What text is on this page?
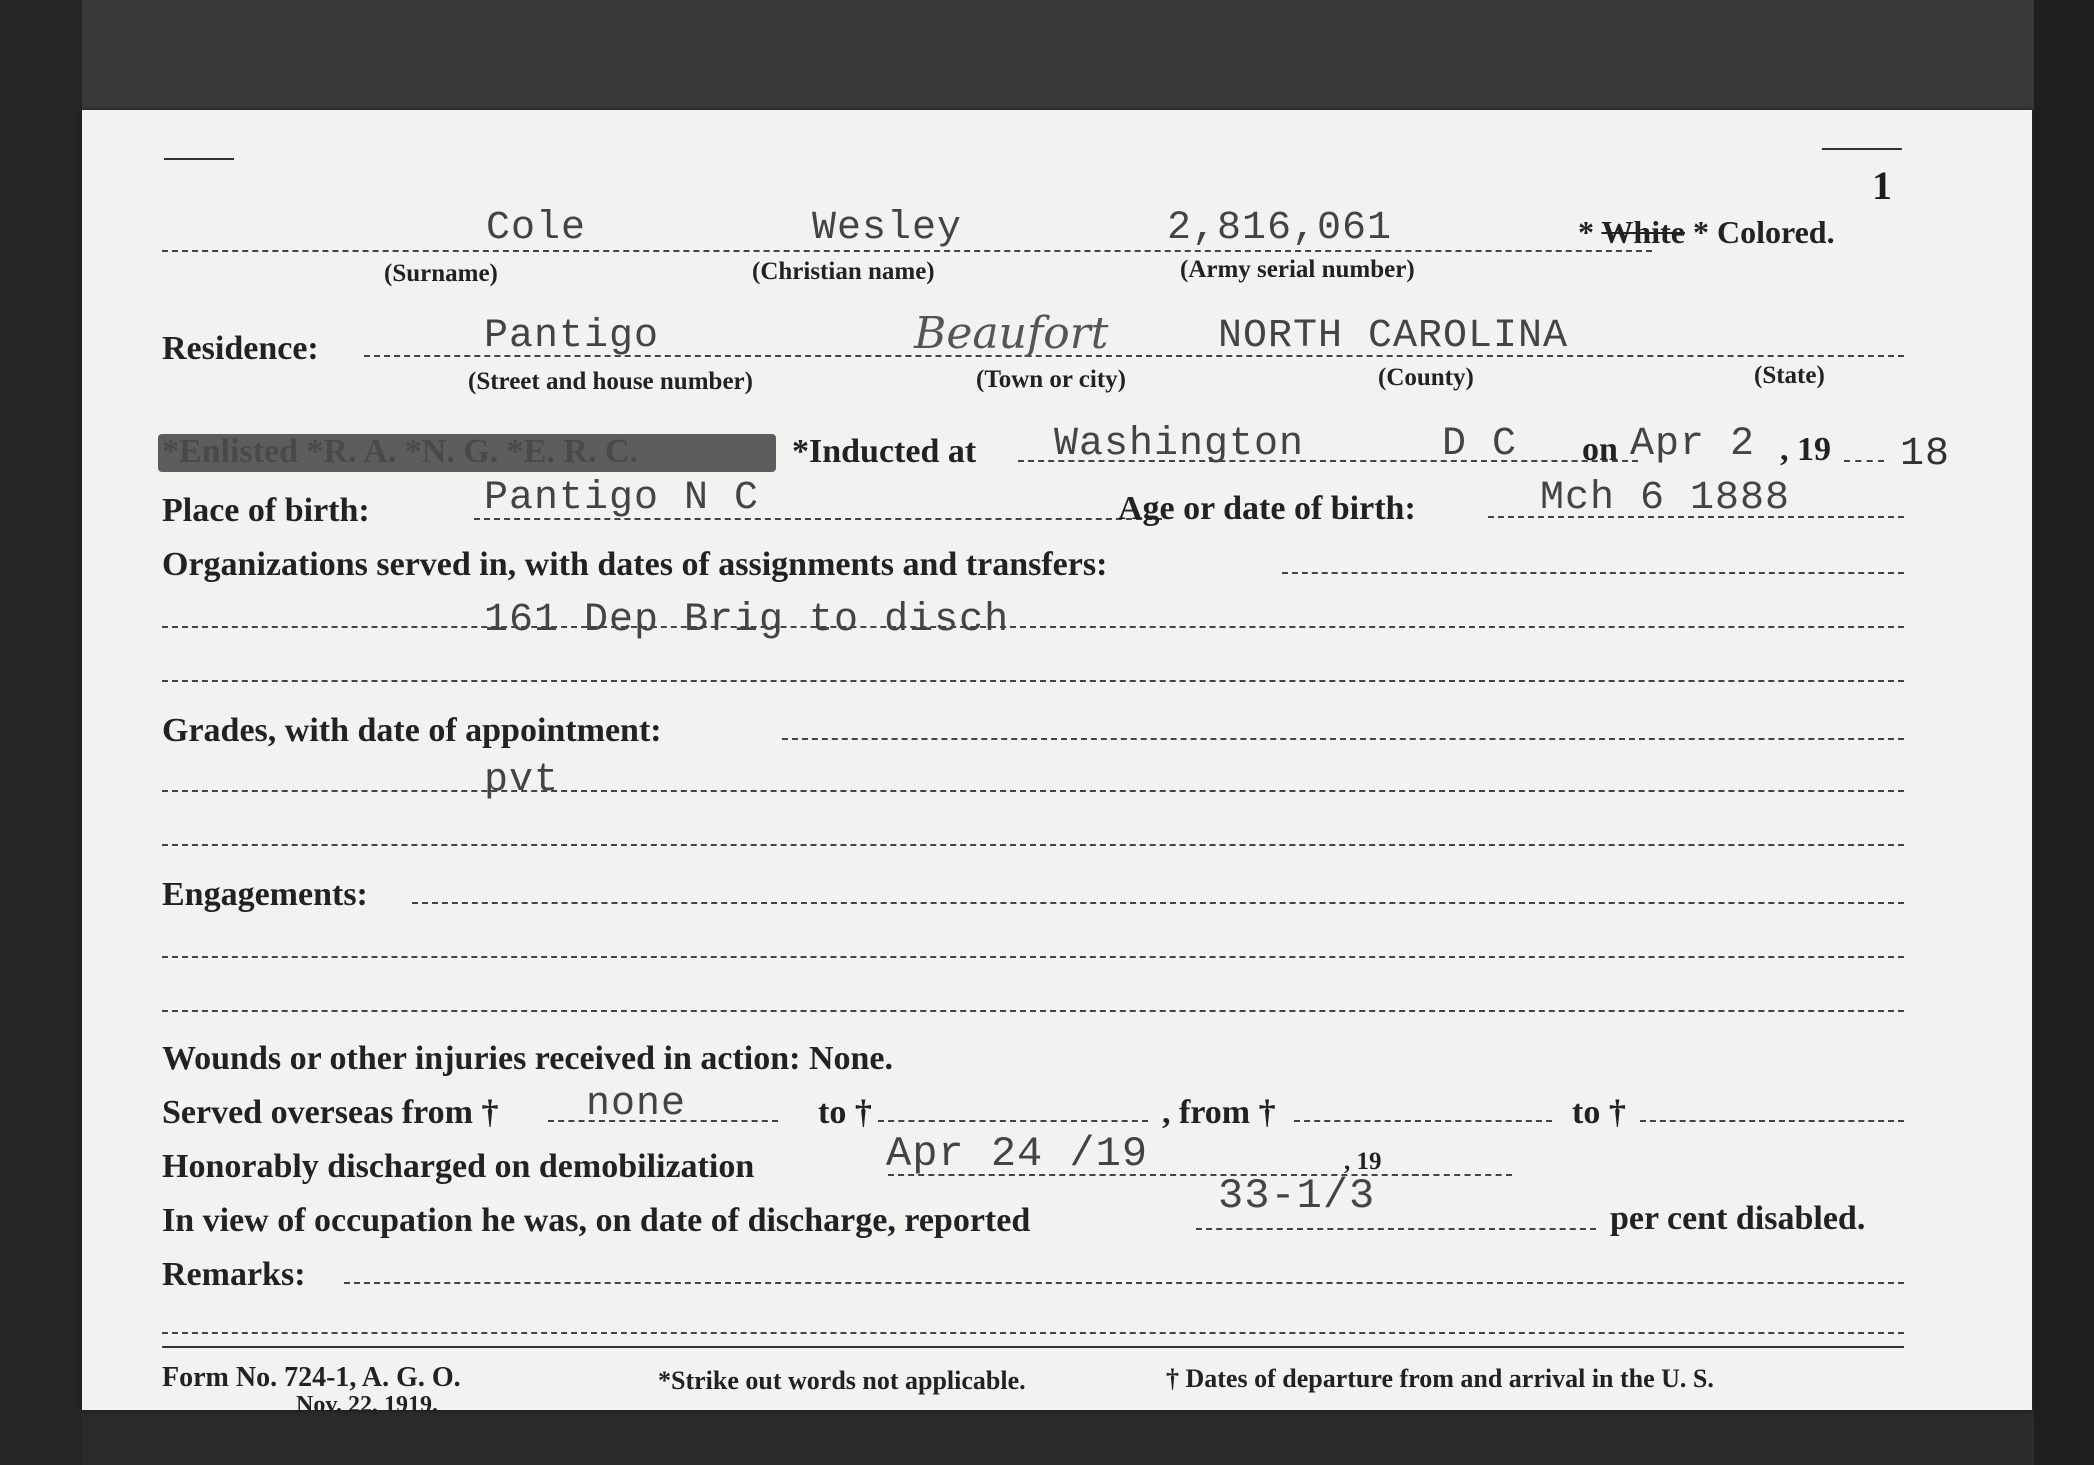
1
Cole	Wesley	2,816,061	* White * Colored.
(Surname)	(Christian name)	(Army serial number)
Residence:	Pantigo	Beaufort	NORTH CAROLINA
(Street and house number)	(Town or city)	(County)	(State)
*Enlisted *R. A. *N. G. *E. R. C.	*Inducted at Washington	D C on Apr 2 , 19 18
Place of birth:	Pantigo N C	Age or date of birth:	Mch 6 1888
Organizations served in, with dates of assignments and transfers:
161 Dep Brig to disch
Grades, with date of appointment:
pvt
Engagements:
Wounds or other injuries received in action: None.
Served overseas from † none	to †	, from †	to †
Honorably discharged on demobilization	Apr 24 /19	, 19
In view of occupation he was, on date of discharge, reported
33-1/3	per cent disabled.
Remarks:
Form No. 724-1, A. G. O.
Nov. 22, 1919.
*Strike out words not applicable.	† Dates of departure from and arrival in the U. S.
